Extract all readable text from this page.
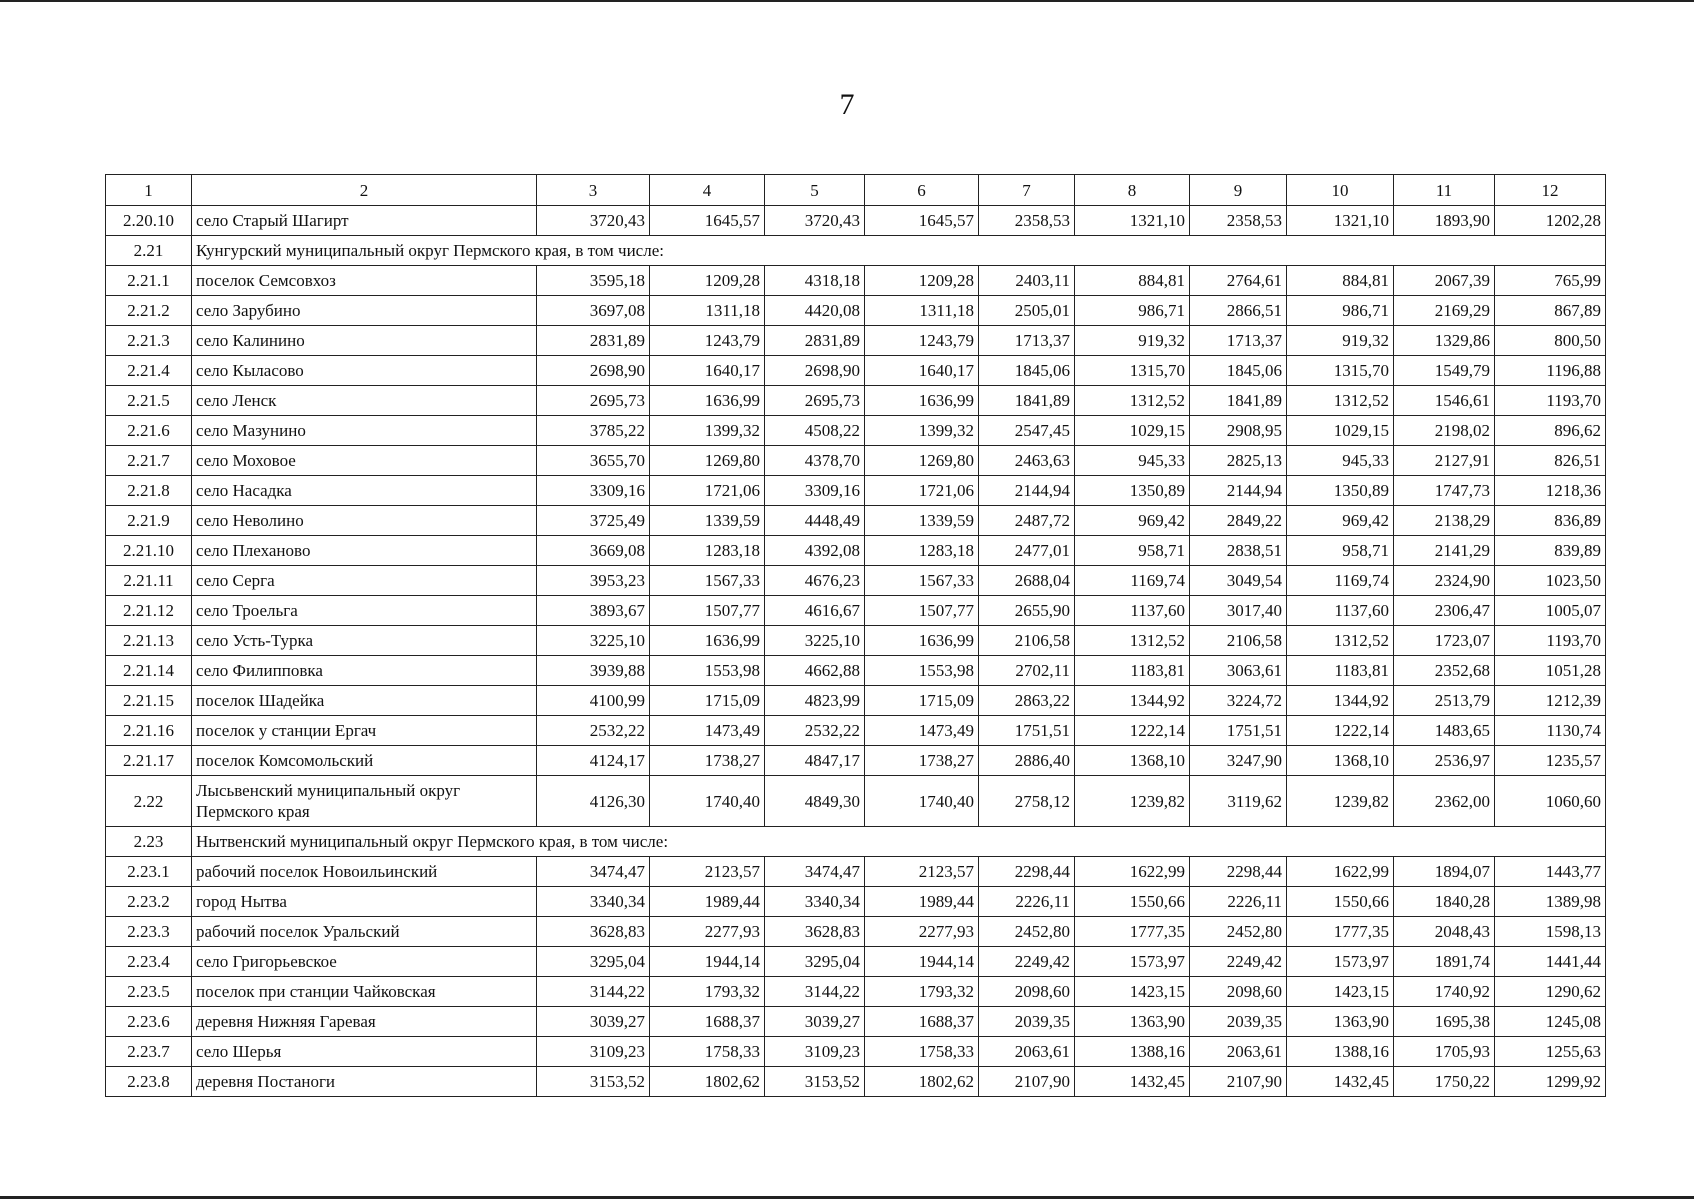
7
1	2	3	4	5	6	7	8	9	10	11	12
2.20.10	село Старый Шагирт	3720,43	1645,57	3720,43	1645,57	2358,53	1321,10	2358,53	1321,10	1893,90	1202,28
2.21	Кунгурский муниципальный округ Пермского края, в том числе:										
2.21.1	поселок Семсовхоз	3595,18	1209,28	4318,18	1209,28	2403,11	884,81	2764,61	884,81	2067,39	765,99
2.21.2	село Зарубино	3697,08	1311,18	4420,08	1311,18	2505,01	986,71	2866,51	986,71	2169,29	867,89
2.21.3	село Калинино	2831,89	1243,79	2831,89	1243,79	1713,37	919,32	1713,37	919,32	1329,86	800,50
2.21.4	село Кыласово	2698,90	1640,17	2698,90	1640,17	1845,06	1315,70	1845,06	1315,70	1549,79	1196,88
2.21.5	село Ленск	2695,73	1636,99	2695,73	1636,99	1841,89	1312,52	1841,89	1312,52	1546,61	1193,70
2.21.6	село Мазунино	3785,22	1399,32	4508,22	1399,32	2547,45	1029,15	2908,95	1029,15	2198,02	896,62
2.21.7	село Моховое	3655,70	1269,80	4378,70	1269,80	2463,63	945,33	2825,13	945,33	2127,91	826,51
2.21.8	село Насадка	3309,16	1721,06	3309,16	1721,06	2144,94	1350,89	2144,94	1350,89	1747,73	1218,36
2.21.9	село Неволино	3725,49	1339,59	4448,49	1339,59	2487,72	969,42	2849,22	969,42	2138,29	836,89
2.21.10	село Плеханово	3669,08	1283,18	4392,08	1283,18	2477,01	958,71	2838,51	958,71	2141,29	839,89
2.21.11	село Серга	3953,23	1567,33	4676,23	1567,33	2688,04	1169,74	3049,54	1169,74	2324,90	1023,50
2.21.12	село Троельга	3893,67	1507,77	4616,67	1507,77	2655,90	1137,60	3017,40	1137,60	2306,47	1005,07
2.21.13	село Усть-Турка	3225,10	1636,99	3225,10	1636,99	2106,58	1312,52	2106,58	1312,52	1723,07	1193,70
2.21.14	село Филипповка	3939,88	1553,98	4662,88	1553,98	2702,11	1183,81	3063,61	1183,81	2352,68	1051,28
2.21.15	поселок Шадейка	4100,99	1715,09	4823,99	1715,09	2863,22	1344,92	3224,72	1344,92	2513,79	1212,39
2.21.16	поселок у станции Ергач	2532,22	1473,49	2532,22	1473,49	1751,51	1222,14	1751,51	1222,14	1483,65	1130,74
2.21.17	поселок Комсомольский	4124,17	1738,27	4847,17	1738,27	2886,40	1368,10	3247,90	1368,10	2536,97	1235,57
2.22	Лысьвенский муниципальный округ Пермского края	4126,30	1740,40	4849,30	1740,40	2758,12	1239,82	3119,62	1239,82	2362,00	1060,60
2.23	Нытвенский муниципальный округ Пермского края, в том числе:										
2.23.1	рабочий поселок Новоильинский	3474,47	2123,57	3474,47	2123,57	2298,44	1622,99	2298,44	1622,99	1894,07	1443,77
2.23.2	город Нытва	3340,34	1989,44	3340,34	1989,44	2226,11	1550,66	2226,11	1550,66	1840,28	1389,98
2.23.3	рабочий поселок Уральский	3628,83	2277,93	3628,83	2277,93	2452,80	1777,35	2452,80	1777,35	2048,43	1598,13
2.23.4	село Григорьевское	3295,04	1944,14	3295,04	1944,14	2249,42	1573,97	2249,42	1573,97	1891,74	1441,44
2.23.5	поселок при станции Чайковская	3144,22	1793,32	3144,22	1793,32	2098,60	1423,15	2098,60	1423,15	1740,92	1290,62
2.23.6	деревня Нижняя Гаревая	3039,27	1688,37	3039,27	1688,37	2039,35	1363,90	2039,35	1363,90	1695,38	1245,08
2.23.7	село Шерья	3109,23	1758,33	3109,23	1758,33	2063,61	1388,16	2063,61	1388,16	1705,93	1255,63
2.23.8	деревня Постаноги	3153,52	1802,62	3153,52	1802,62	2107,90	1432,45	2107,90	1432,45	1750,22	1299,92
